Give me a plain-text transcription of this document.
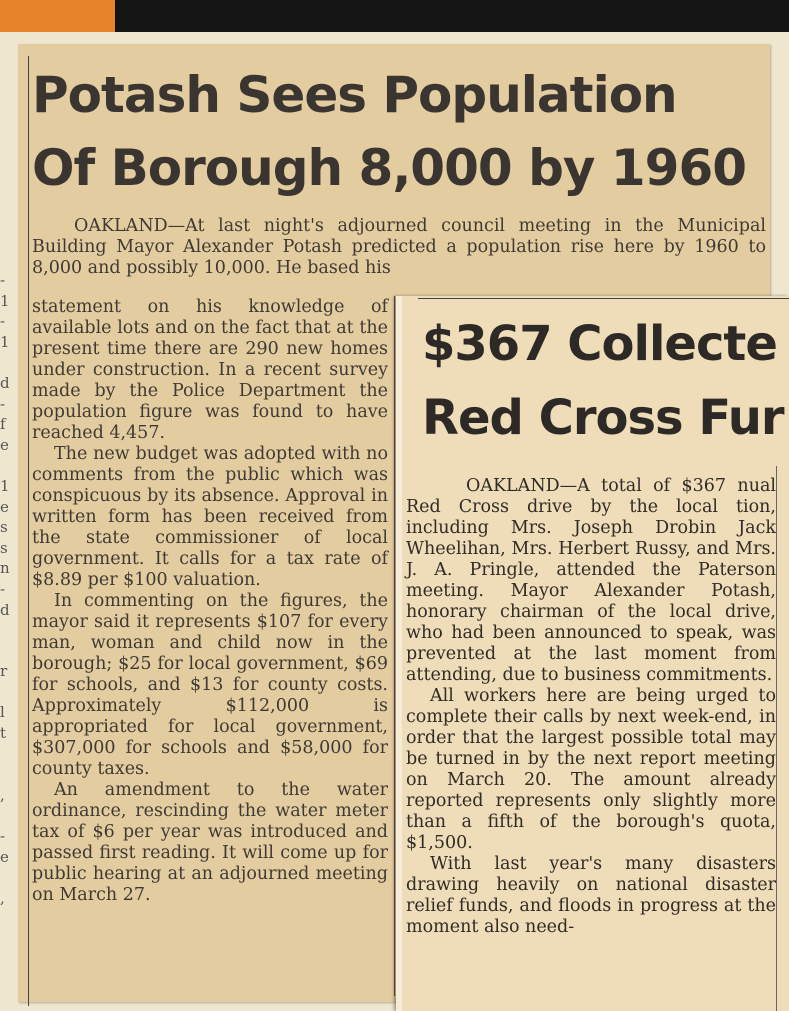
-
1
-
1
d
-
f
e
1
e
s
s
n
-
d
r
l
t
,
-
e
,
Potash Sees Population
Of Borough 8,000 by 1960

OAKLAND—At last night's adjourned council meeting in the Municipal Building Mayor Alexander Potash predicted a population rise here by 1960 to 8,000 and possibly 10,000. He based his

statement on his knowledge of available lots and on the fact that at the present time there are 290 new homes under construction. In a recent survey made by the Police Department the population figure was found to have reached 4,457.

The new budget was adopted with no comments from the public which was conspicuous by its absence. Approval in written form has been received from the state commissioner of local government. It calls for a tax rate of $8.89 per $100 valuation.

In commenting on the figures, the mayor said it represents $107 for every man, woman and child now in the borough; $25 for local government, $69 for schools, and $13 for county costs. Approximately $112,000 is appropriated for local government, $307,000 for schools and $58,000 for county taxes.

An amendment to the water ordinance, rescinding the water meter tax of $6 per year was introduced and passed first reading. It will come up for public hearing at an adjourned meeting on March 27.

$367 Collecte
Red Cross Fur

OAKLAND—A total of $367 nual Red Cross drive by the local tion, including Mrs. Joseph Drobin Jack Wheelihan, Mrs. Herbert Russy, and Mrs. J. A. Pringle, attended the Paterson meeting. Mayor Alexander Potash, honorary chairman of the local drive, who had been announced to speak, was prevented at the last moment from attending, due to business commitments.

All workers here are being urged to complete their calls by next week-end, in order that the largest possible total may be turned in by the next report meeting on March 20. The amount already reported represents only slightly more than a fifth of the borough's quota, $1,500.

With last year's many disasters drawing heavily on national disaster relief funds, and floods in progress at the moment also need-
